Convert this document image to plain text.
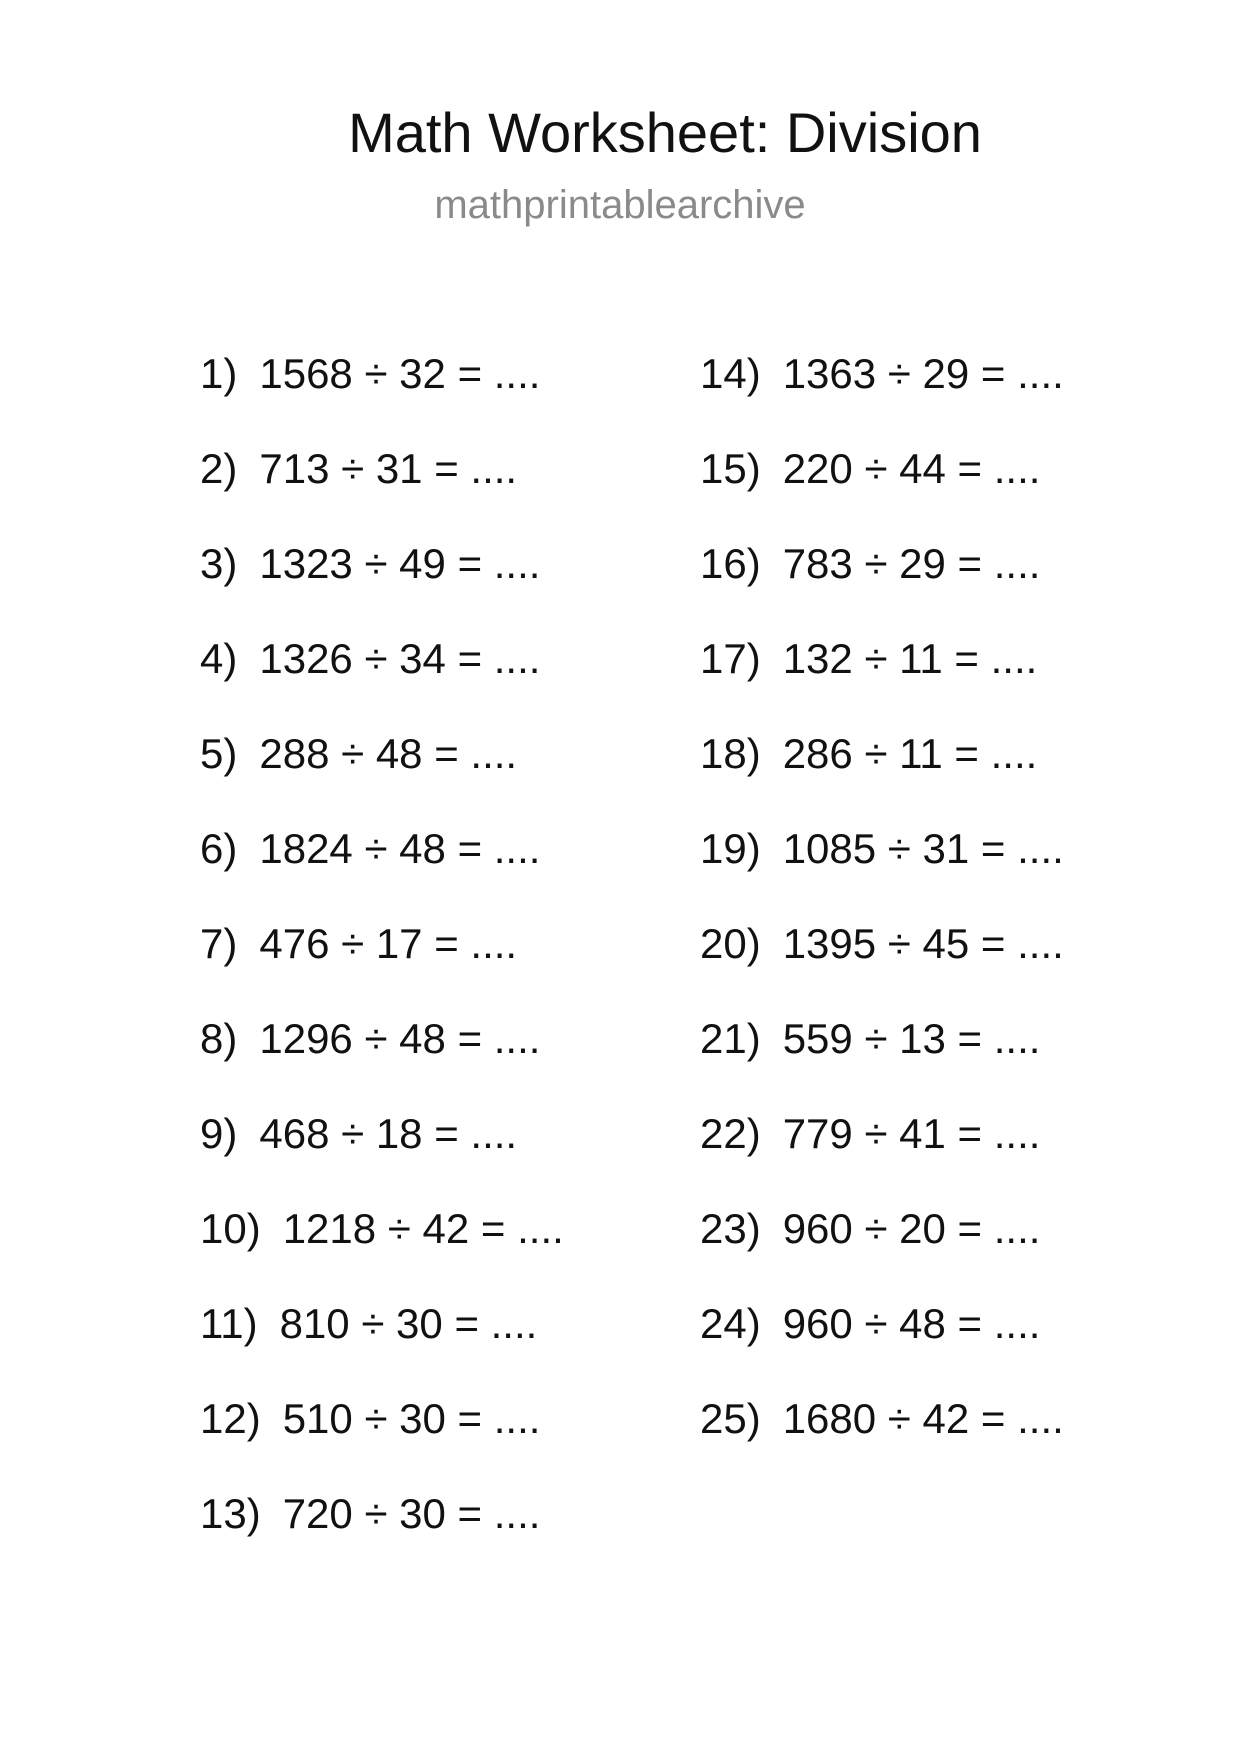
Math Worksheet: Division
mathprintablearchive
1) 1568 ÷ 32 = ....
2) 713 ÷ 31 = ....
3) 1323 ÷ 49 = ....
4) 1326 ÷ 34 = ....
5) 288 ÷ 48 = ....
6) 1824 ÷ 48 = ....
7) 476 ÷ 17 = ....
8) 1296 ÷ 48 = ....
9) 468 ÷ 18 = ....
10) 1218 ÷ 42 = ....
11) 810 ÷ 30 = ....
12) 510 ÷ 30 = ....
13) 720 ÷ 30 = ....
14) 1363 ÷ 29 = ....
15) 220 ÷ 44 = ....
16) 783 ÷ 29 = ....
17) 132 ÷ 11 = ....
18) 286 ÷ 11 = ....
19) 1085 ÷ 31 = ....
20) 1395 ÷ 45 = ....
21) 559 ÷ 13 = ....
22) 779 ÷ 41 = ....
23) 960 ÷ 20 = ....
24) 960 ÷ 48 = ....
25) 1680 ÷ 42 = ....
